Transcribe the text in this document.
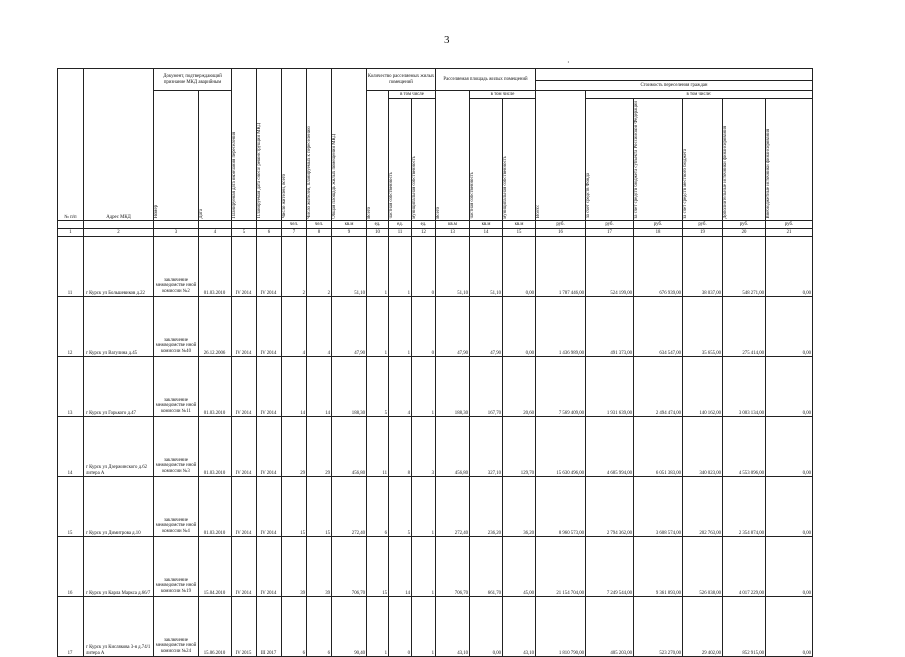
3
·
№ п/п	Адрес МКД	Документ, подтверждающий признание МКД аварийным		Планируемая дата окончания переселения	Планируемая дата сноса/ реконструкции МКД	Число жителей, всего	Число жителей, планируемых к переселению	Общая площадь жилых помещений МКД	Количество расселяемых жилых помещений			Расселяемая площадь жилых помещений								
															Стоимость переселения граждан					

		Номер	Дата						Всего	в том числе		Всего	в том числе		Всего:	в том числе:				

										частная собственность	муниципальная собственность		частная собственность	муниципальная собственность		за счет средств Фонда	за счет средств бюджета субъекта Российской Федерации	за счет средств местного бюджета	Дополнительные источники финансирования	Внебюджетные источники финансирования

						чел.	чел.	кв.м	ед.	ед.	ед.	кв.м	кв.м	кв.м	руб.	руб.	руб.	руб.	руб.	руб.
1	2	3	4	5	6	7	8	9	10	11	12	13	14	15	16	17	18	19	20	21
11	г Курск ул Большевиков д.22	заключение межведомстве нной комиссии №2	01.03.2010	IV 2014	IV 2014	2	2	51,10	1	1	0	51,10	51,10	0,00	1 787 446,00	524 199,00	676 939,00	38 037,00	548 271,00	0,00
12	г Курск ул Вагулина д.45	заключение межведомстве нной комиссии №40	26.12.2006	IV 2014	IV 2014	4	4	47,90	1	1	0	47,90	47,90	0,00	1 436 989,00	491 373,00	634 547,00	35 655,00	275 414,00	0,00
13	г Курск ул Горького д.47	заключение межведомстве нной комиссии №11	01.03.2010	IV 2014	IV 2014	14	14	188,30	5	4	1	188,30	167,70	20,60	7 569 409,00	1 931 639,00	2 494 474,00	140 162,00	3 003 134,00	0,00
14	г Курск ул Дзержинского д.62 литера А	заключение межведомстве нной комиссии №3	01.03.2010	IV 2014	IV 2014	29	29	456,80	11	8	3	456,80	327,10	129,70	15 630 496,00	4 685 994,00	6 051 383,00	340 023,00	4 553 096,00	0,00
15	г Курск ул Димитрова д.10	заключение межведомстве нной комиссии №4	01.03.2010	IV 2014	IV 2014	15	15	272,40	6	5	1	272,40	236,20	36,20	8 960 573,00	2 794 362,00	3 608 574,00	202 763,00	2 354 874,00	0,00
16	г Курск ул Карла Маркса д.66/7	заключение межведомстве нной комиссии №19	15.04.2010	IV 2014	IV 2014	39	39	706,70	15	14	1	706,70	661,70	45,00	21 154 704,00	7 249 544,00	9 361 893,00	526 038,00	4 017 229,00	0,00
17	г Курск ул Кислякова 3-я д.74/1 литера А	заключение межведомстве нной комиссии №24	15.06.2010	IV 2015	III 2017	6	6	90,40	1	0	1	43,10	0,00	43,10	1 810 790,00	405 203,00	523 270,00	29 402,00	852 915,00	0,00
